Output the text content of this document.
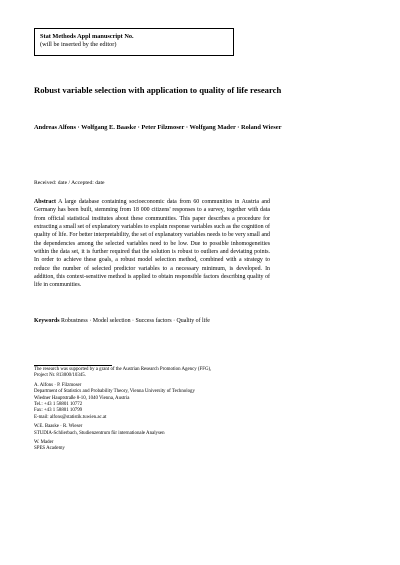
Stat Methods Appl manuscript No.
(will be inserted by the editor)
Robust variable selection with application to quality of life research
Andreas Alfons · Wolfgang E. Baaske · Peter Filzmoser · Wolfgang Mader · Roland Wieser
Received: date / Accepted: date
Abstract A large database containing socioeconomic data from 60 communities in Austria and Germany has been built, stemming from 18 000 citizens' responses to a survey, together with data from official statistical institutes about these communities. This paper describes a procedure for extracting a small set of explanatory variables to explain response variables such as the cognition of quality of life. For better interpretability, the set of explanatory variables needs to be very small and the dependencies among the selected variables need to be low. Due to possible inhomogeneities within the data set, it is further required that the solution is robust to outliers and deviating points. In order to achieve these goals, a robust model selection method, combined with a strategy to reduce the number of selected predictor variables to a necessary minimum, is developed. In addition, this context-sensitive method is applied to obtain responsible factors describing quality of life in communities.
Keywords Robustness · Model selection · Success factors · Quality of life
The research was supported by a grant of the Austrian Research Promotion Agency (FFG),
Project Nr. 813000/10345.
A. Alfons · P. Filzmoser
Department of Statistics and Probability Theory, Vienna University of Technology
Wiedner Hauptstraße 8-10, 1040 Vienna, Austria
Tel.: +43 1 58801 10772
Fax: +43 1 58801 10799
E-mail: alfons@statistik.tuwien.ac.at
W.E. Baaske · R. Wieser
STUDIA-Schlierbach, Studienzentrum für internationale Analysen
W. Mader
SPES Academy
